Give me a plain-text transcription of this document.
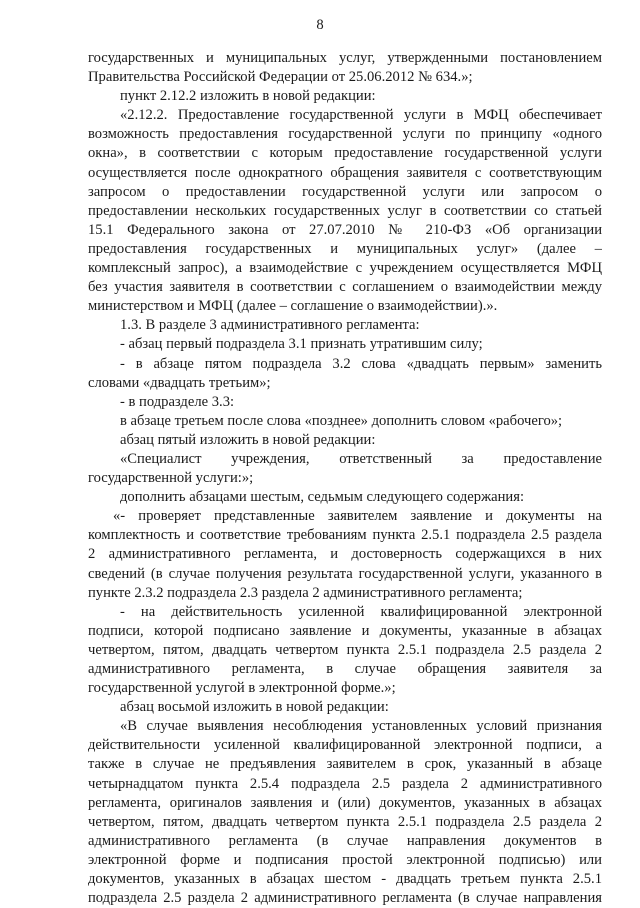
8
государственных и муниципальных услуг, утвержденными постановлением
Правительства Российской Федерации от 25.06.2012 № 634.»;
пункт 2.12.2 изложить в новой редакции:
«2.12.2. Предоставление государственной услуги в МФЦ обеспечивает
возможность предоставления государственной услуги по принципу «одного
окна», в соответствии с которым предоставление государственной услуги
осуществляется после однократного обращения заявителя с соответствующим
запросом о предоставлении государственной услуги или запросом о
предоставлении нескольких государственных услуг в соответствии со статьей
15.1 Федерального закона от 27.07.2010 № 210-ФЗ «Об организации
предоставления государственных и муниципальных услуг» (далее –
комплексный запрос), а взаимодействие с учреждением осуществляется МФЦ
без участия заявителя в соответствии с соглашением о взаимодействии между
министерством и МФЦ (далее – соглашение о взаимодействии).».
1.3. В разделе 3 административного регламента:
- абзац первый подраздела 3.1 признать утратившим силу;
- в абзаце пятом подраздела 3.2 слова «двадцать первым» заменить
словами «двадцать третьим»;
- в подразделе 3.3:
в абзаце третьем после слова «позднее» дополнить словом «рабочего»;
абзац пятый изложить в новой редакции:
«Специалист учреждения, ответственный за предоставление
государственной услуги:»;
дополнить абзацами шестым, седьмым следующего содержания:
«- проверяет представленные заявителем заявление и документы на
комплектность и соответствие требованиям пункта 2.5.1 подраздела 2.5 раздела
2 административного регламента, и достоверность содержащихся в них
сведений (в случае получения результата государственной услуги, указанного в
пункте 2.3.2 подраздела 2.3 раздела 2 административного регламента;
- на действительность усиленной квалифицированной электронной
подписи, которой подписано заявление и документы, указанные в абзацах
четвертом, пятом, двадцать четвертом пункта 2.5.1 подраздела 2.5 раздела 2
административного регламента, в случае обращения заявителя за
государственной услугой в электронной форме.»;
абзац восьмой изложить в новой редакции:
«В случае выявления несоблюдения установленных условий признания
действительности усиленной квалифицированной электронной подписи, а
также в случае не предъявления заявителем в срок, указанный в абзаце
четырнадцатом пункта 2.5.4 подраздела 2.5 раздела 2 административного
регламента, оригиналов заявления и (или) документов, указанных в абзацах
четвертом, пятом, двадцать четвертом пункта 2.5.1 подраздела 2.5 раздела 2
административного регламента (в случае направления документов в
электронной форме и подписания простой электронной подписью) или
документов, указанных в абзацах шестом - двадцать третьем пункта 2.5.1
подраздела 2.5 раздела 2 административного регламента (в случае направления
